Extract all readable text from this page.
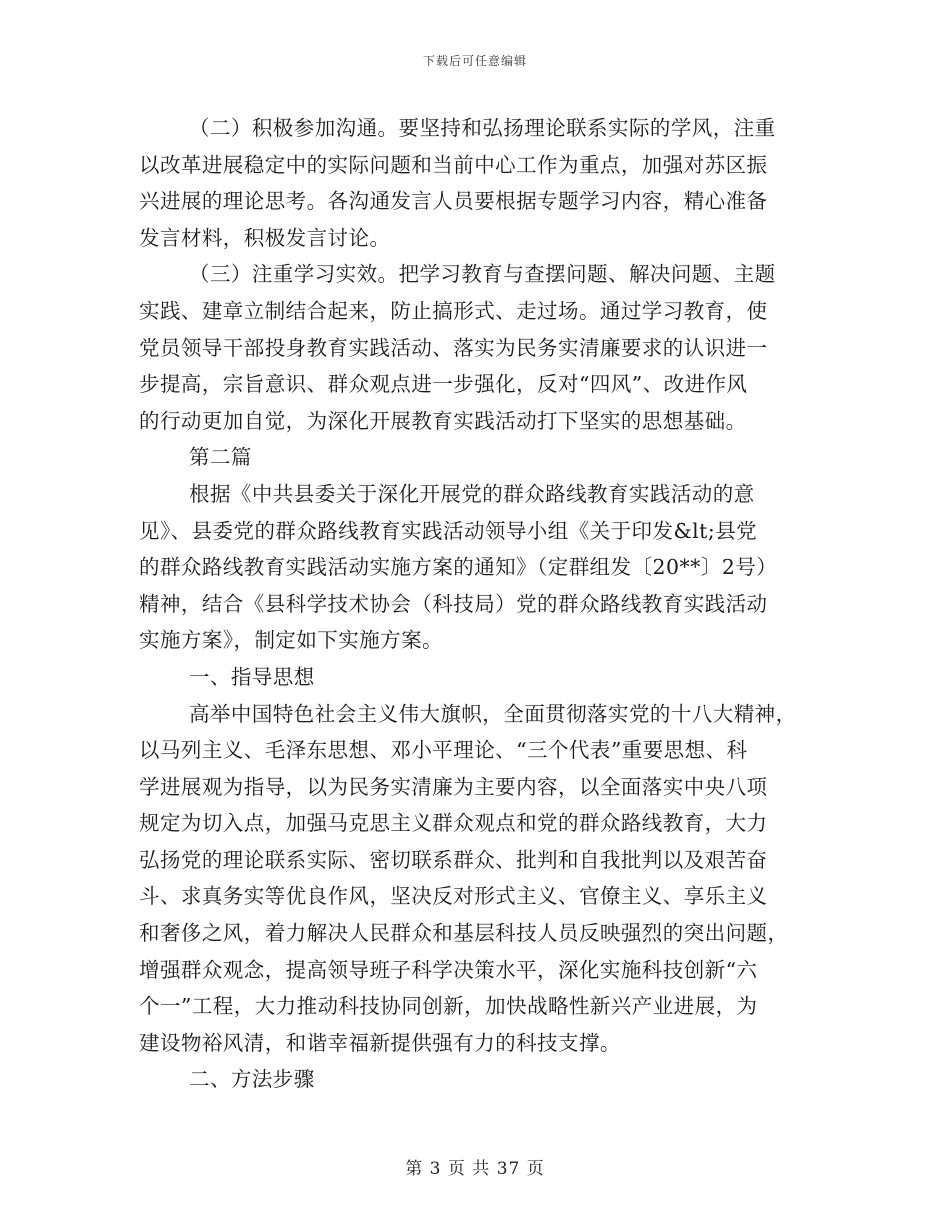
下载后可任意编辑
（二）积极参加沟通。要坚持和弘扬理论联系实际的学风，注重
以改革进展稳定中的实际问题和当前中心工作为重点，加强对苏区振
兴进展的理论思考。各沟通发言人员要根据专题学习内容，精心准备
发言材料，积极发言讨论。
（三）注重学习实效。把学习教育与查摆问题、解决问题、主题
实践、建章立制结合起来，防止搞形式、走过场。通过学习教育，使
党员领导干部投身教育实践活动、落实为民务实清廉要求的认识进一
步提高，宗旨意识、群众观点进一步强化，反对“四风”、改进作风
的行动更加自觉，为深化开展教育实践活动打下坚实的思想基础。
第二篇
根据《中共县委关于深化开展党的群众路线教育实践活动的意
见》、县委党的群众路线教育实践活动领导小组《关于印发&lt;县党
的群众路线教育实践活动实施方案的通知》（定群组发〔20**〕2号）
精神，结合《县科学技术协会（科技局）党的群众路线教育实践活动
实施方案》，制定如下实施方案。
一、指导思想
高举中国特色社会主义伟大旗帜，全面贯彻落实党的十八大精神，
以马列主义、毛泽东思想、邓小平理论、“三个代表”重要思想、科
学进展观为指导，以为民务实清廉为主要内容，以全面落实中央八项
规定为切入点，加强马克思主义群众观点和党的群众路线教育，大力
弘扬党的理论联系实际、密切联系群众、批判和自我批判以及艰苦奋
斗、求真务实等优良作风，坚决反对形式主义、官僚主义、享乐主义
和奢侈之风，着力解决人民群众和基层科技人员反映强烈的突出问题，
增强群众观念，提高领导班子科学决策水平，深化实施科技创新“六
个一”工程，大力推动科技协同创新，加快战略性新兴产业进展，为
建设物裕风清，和谐幸福新提供强有力的科技支撑。
二、方法步骤
第 3 页 共 37 页
